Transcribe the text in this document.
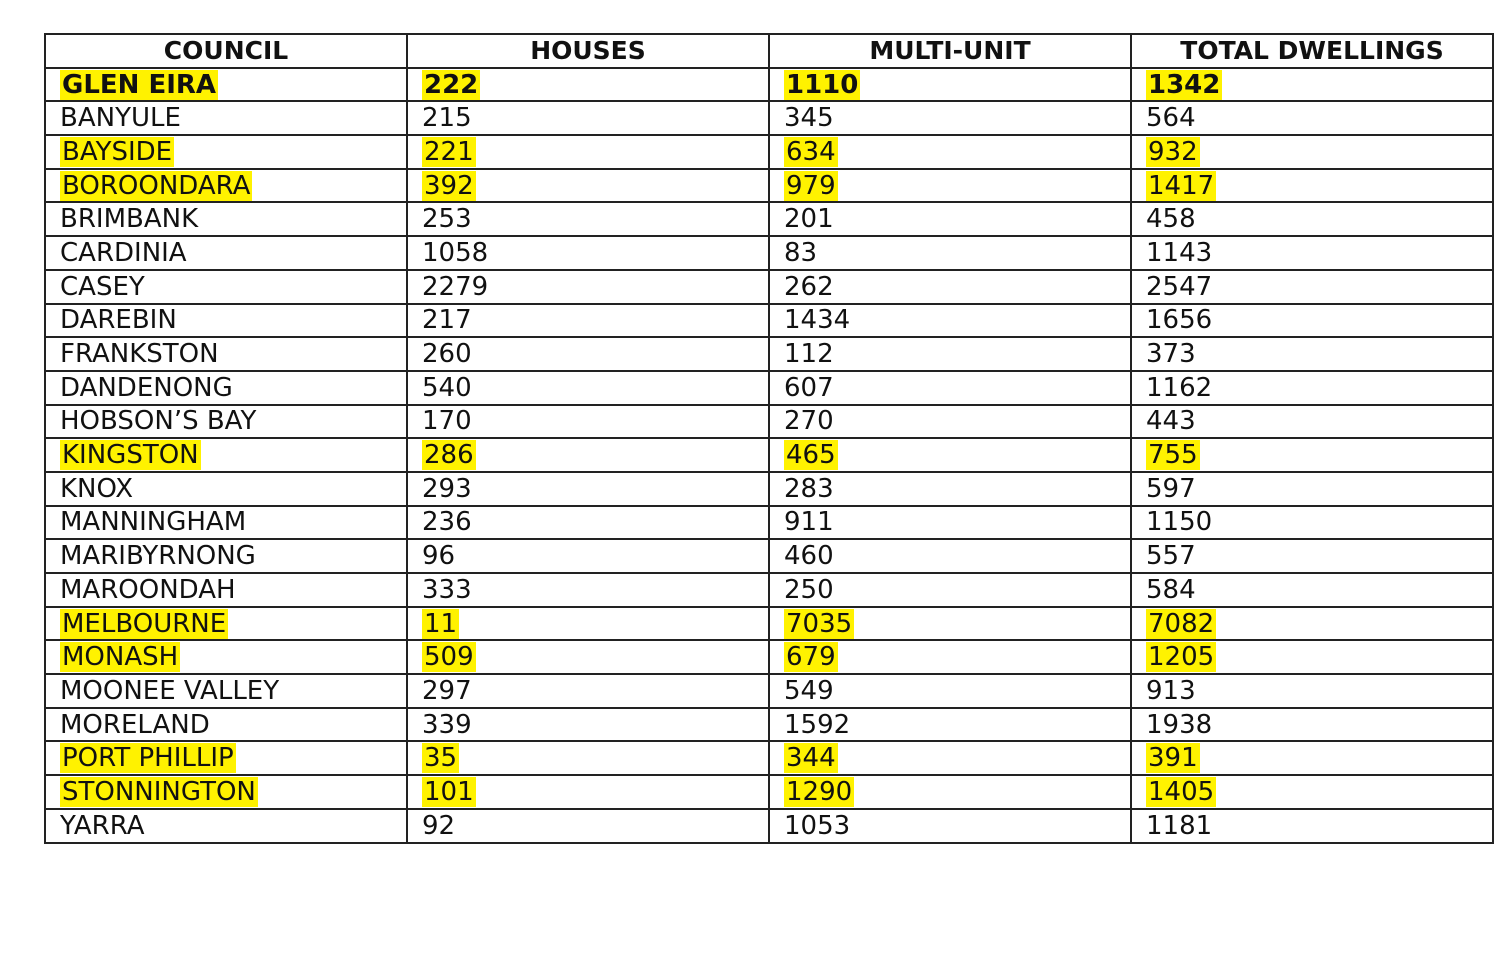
COUNCIL	HOUSES	MULTI-UNIT	TOTAL DWELLINGS
GLEN EIRA	222	1110	1342
BANYULE	215	345	564
BAYSIDE	221	634	932
BOROONDARA	392	979	1417
BRIMBANK	253	201	458
CARDINIA	1058	83	1143
CASEY	2279	262	2547
DAREBIN	217	1434	1656
FRANKSTON	260	112	373
DANDENONG	540	607	1162
HOBSON’S BAY	170	270	443
KINGSTON	286	465	755
KNOX	293	283	597
MANNINGHAM	236	911	1150
MARIBYRNONG	96	460	557
MAROONDAH	333	250	584
MELBOURNE	11	7035	7082
MONASH	509	679	1205
MOONEE VALLEY	297	549	913
MORELAND	339	1592	1938
PORT PHILLIP	35	344	391
STONNINGTON	101	1290	1405
YARRA	92	1053	1181
